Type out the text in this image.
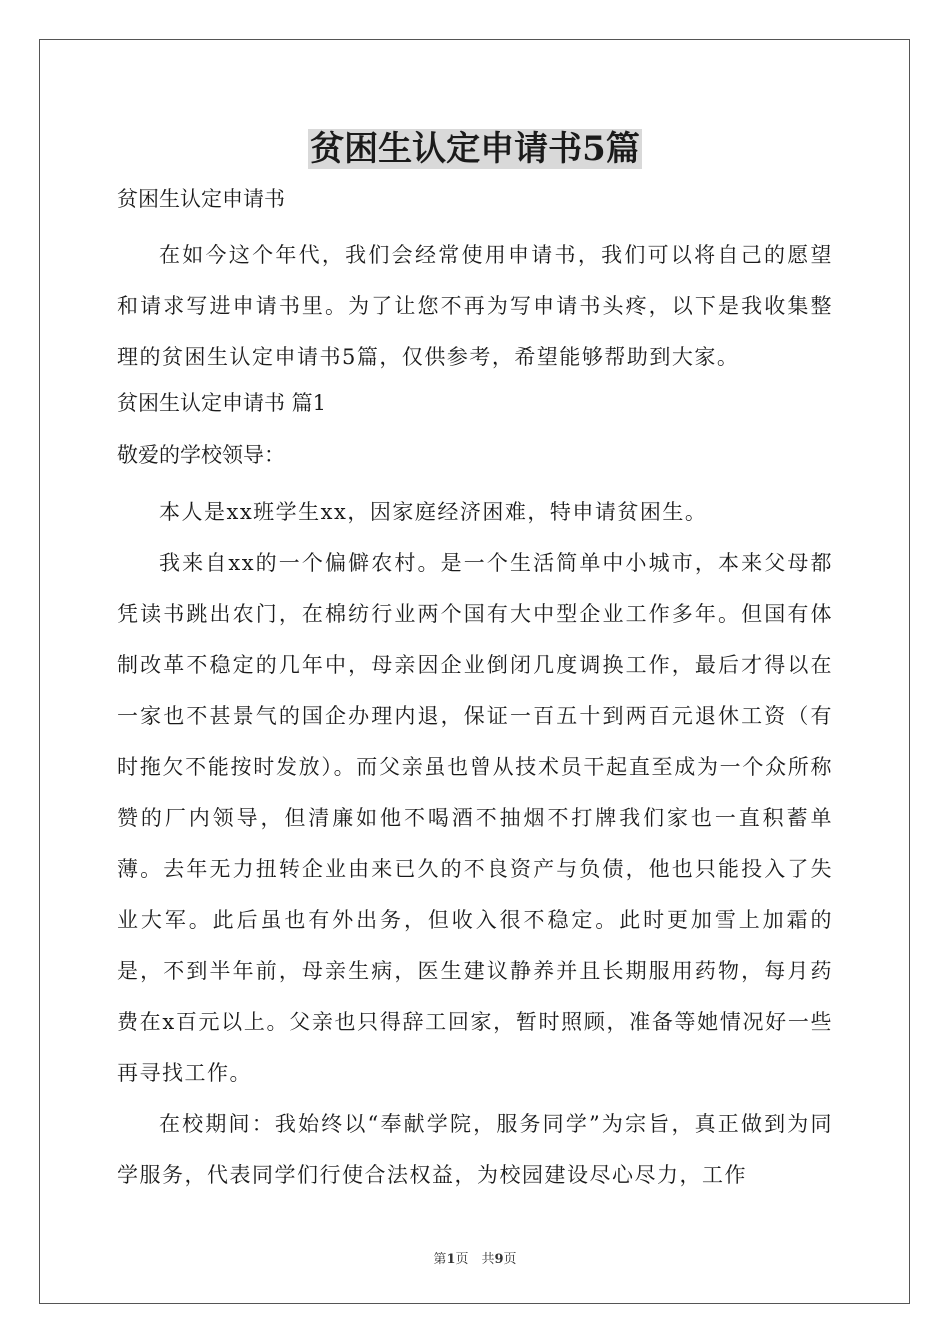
贫困生认定申请书5篇
贫困生认定申请书
在如今这个年代，我们会经常使用申请书，我们可以将自己的愿望和请求写进申请书里。为了让您不再为写申请书头疼，以下是我收集整理的贫困生认定申请书5篇，仅供参考，希望能够帮助到大家。
贫困生认定申请书 篇1
敬爱的学校领导：
本人是xx班学生xx，因家庭经济困难，特申请贫困生。
我来自xx的一个偏僻农村。是一个生活简单中小城市，本来父母都凭读书跳出农门，在棉纺行业两个国有大中型企业工作多年。但国有体制改革不稳定的几年中，母亲因企业倒闭几度调换工作，最后才得以在一家也不甚景气的国企办理内退，保证一百五十到两百元退休工资（有时拖欠不能按时发放）。而父亲虽也曾从技术员干起直至成为一个众所称赞的厂内领导，但清廉如他不喝酒不抽烟不打牌我们家也一直积蓄单薄。去年无力扭转企业由来已久的不良资产与负债，他也只能投入了失业大军。此后虽也有外出务，但收入很不稳定。此时更加雪上加霜的是，不到半年前，母亲生病，医生建议静养并且长期服用药物，每月药费在x百元以上。父亲也只得辞工回家，暂时照顾，准备等她情况好一些再寻找工作。
在校期间：我始终以“奉献学院，服务同学”为宗旨，真正做到为同学服务，代表同学们行使合法权益，为校园建设尽心尽力，工作
第1页　共9页
